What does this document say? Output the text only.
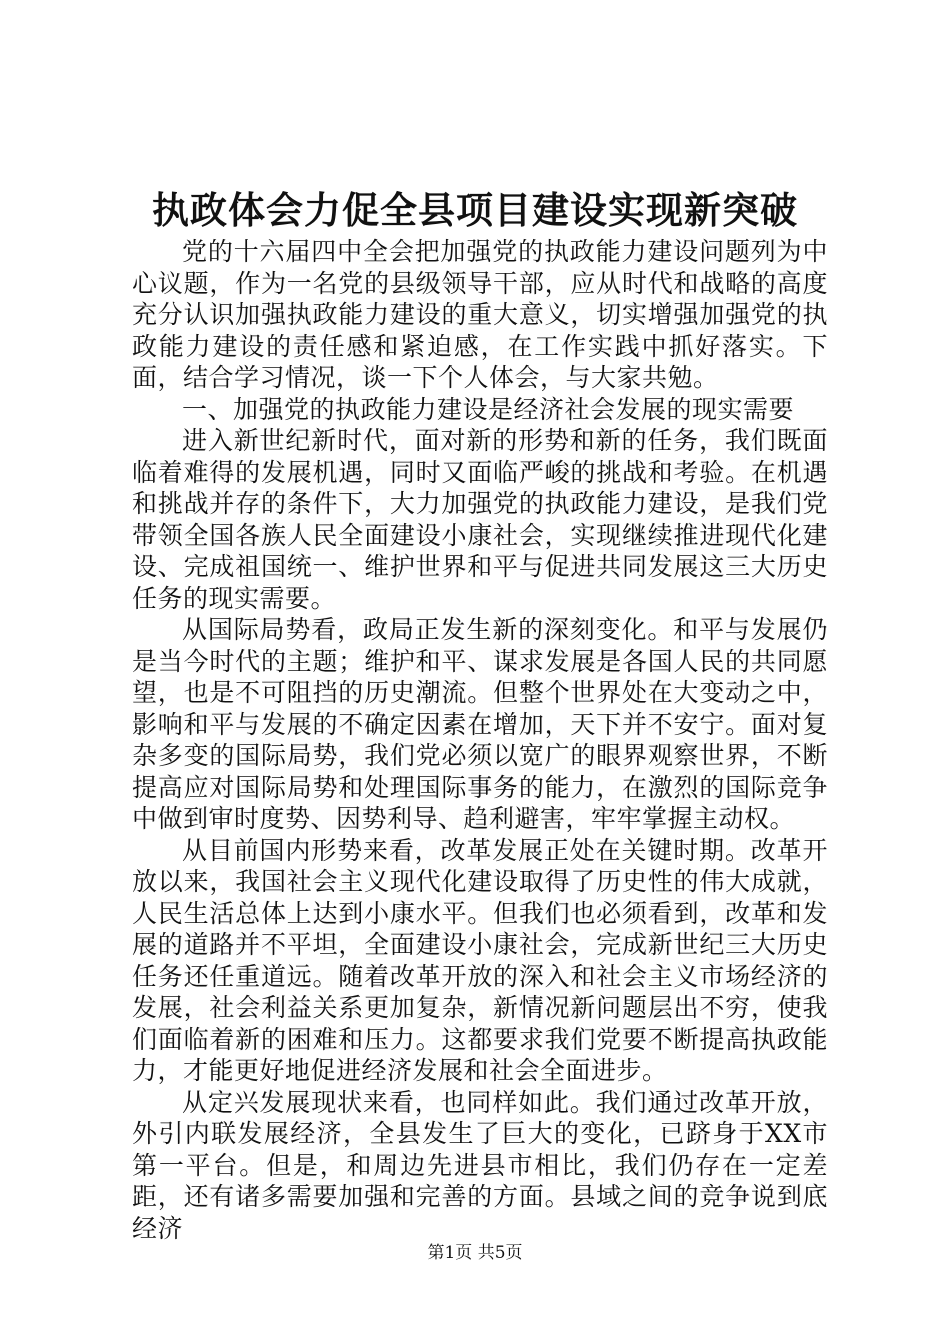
执政体会力促全县项目建设实现新突破

党的十六届四中全会把加强党的执政能力建设问题列为中心议题，作为一名党的县级领导干部，应从时代和战略的高度充分认识加强执政能力建设的重大意义，切实增强加强党的执政能力建设的责任感和紧迫感，在工作实践中抓好落实。下面，结合学习情况，谈一下个人体会，与大家共勉。

一、加强党的执政能力建设是经济社会发展的现实需要

进入新世纪新时代，面对新的形势和新的任务，我们既面临着难得的发展机遇，同时又面临严峻的挑战和考验。在机遇和挑战并存的条件下，大力加强党的执政能力建设，是我们党带领全国各族人民全面建设小康社会，实现继续推进现代化建设、完成祖国统一、维护世界和平与促进共同发展这三大历史任务的现实需要。

从国际局势看，政局正发生新的深刻变化。和平与发展仍是当今时代的主题；维护和平、谋求发展是各国人民的共同愿望，也是不可阻挡的历史潮流。但整个世界处在大变动之中，影响和平与发展的不确定因素在增加，天下并不安宁。面对复杂多变的国际局势，我们党必须以宽广的眼界观察世界，不断提高应对国际局势和处理国际事务的能力，在激烈的国际竞争中做到审时度势、因势利导、趋利避害，牢牢掌握主动权。

从目前国内形势来看，改革发展正处在关键时期。改革开放以来，我国社会主义现代化建设取得了历史性的伟大成就，人民生活总体上达到小康水平。但我们也必须看到，改革和发展的道路并不平坦，全面建设小康社会，完成新世纪三大历史任务还任重道远。随着改革开放的深入和社会主义市场经济的发展，社会利益关系更加复杂，新情况新问题层出不穷，使我们面临着新的困难和压力。这都要求我们党要不断提高执政能力，才能更好地促进经济发展和社会全面进步。

从定兴发展现状来看，也同样如此。我们通过改革开放，外引内联发展经济，全县发生了巨大的变化，已跻身于XX市第一平台。但是，和周边先进县市相比，我们仍存在一定差距，还有诸多需要加强和完善的方面。县域之间的竞争说到底经济

第1页 共5页
